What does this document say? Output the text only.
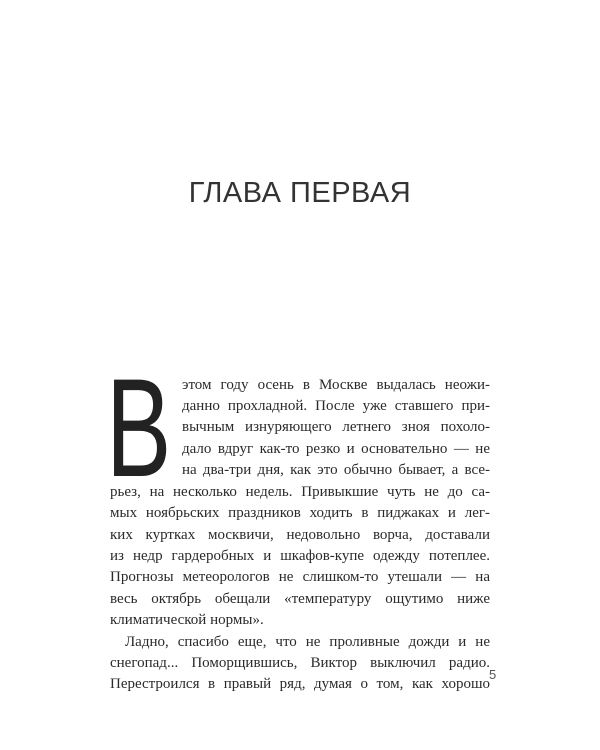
ГЛАВА ПЕРВАЯ
В этом году осень в Москве выдалась неожи-
данно прохладной. После уже ставшего при-
вычным изнуряющего летнего зноя похоло-
дало вдруг как-то резко и основательно — не
на два-три дня, как это обычно бывает, а все-
рьез, на несколько недель. Привыкшие чуть не до са-
мых ноябрьских праздников ходить в пиджаках и лег-
ких куртках москвичи, недовольно ворча, доставали
из недр гардеробных и шкафов-купе одежду потеплее.
Прогнозы метеорологов не слишком-то утешали — на
весь октябрь обещали «температуру ощутимо ниже
климатической нормы».
Ладно, спасибо еще, что не проливные дожди и не
снегопад... Поморщившись, Виктор выключил радио.
Перестроился в правый ряд, думая о том, как хорошо
5
